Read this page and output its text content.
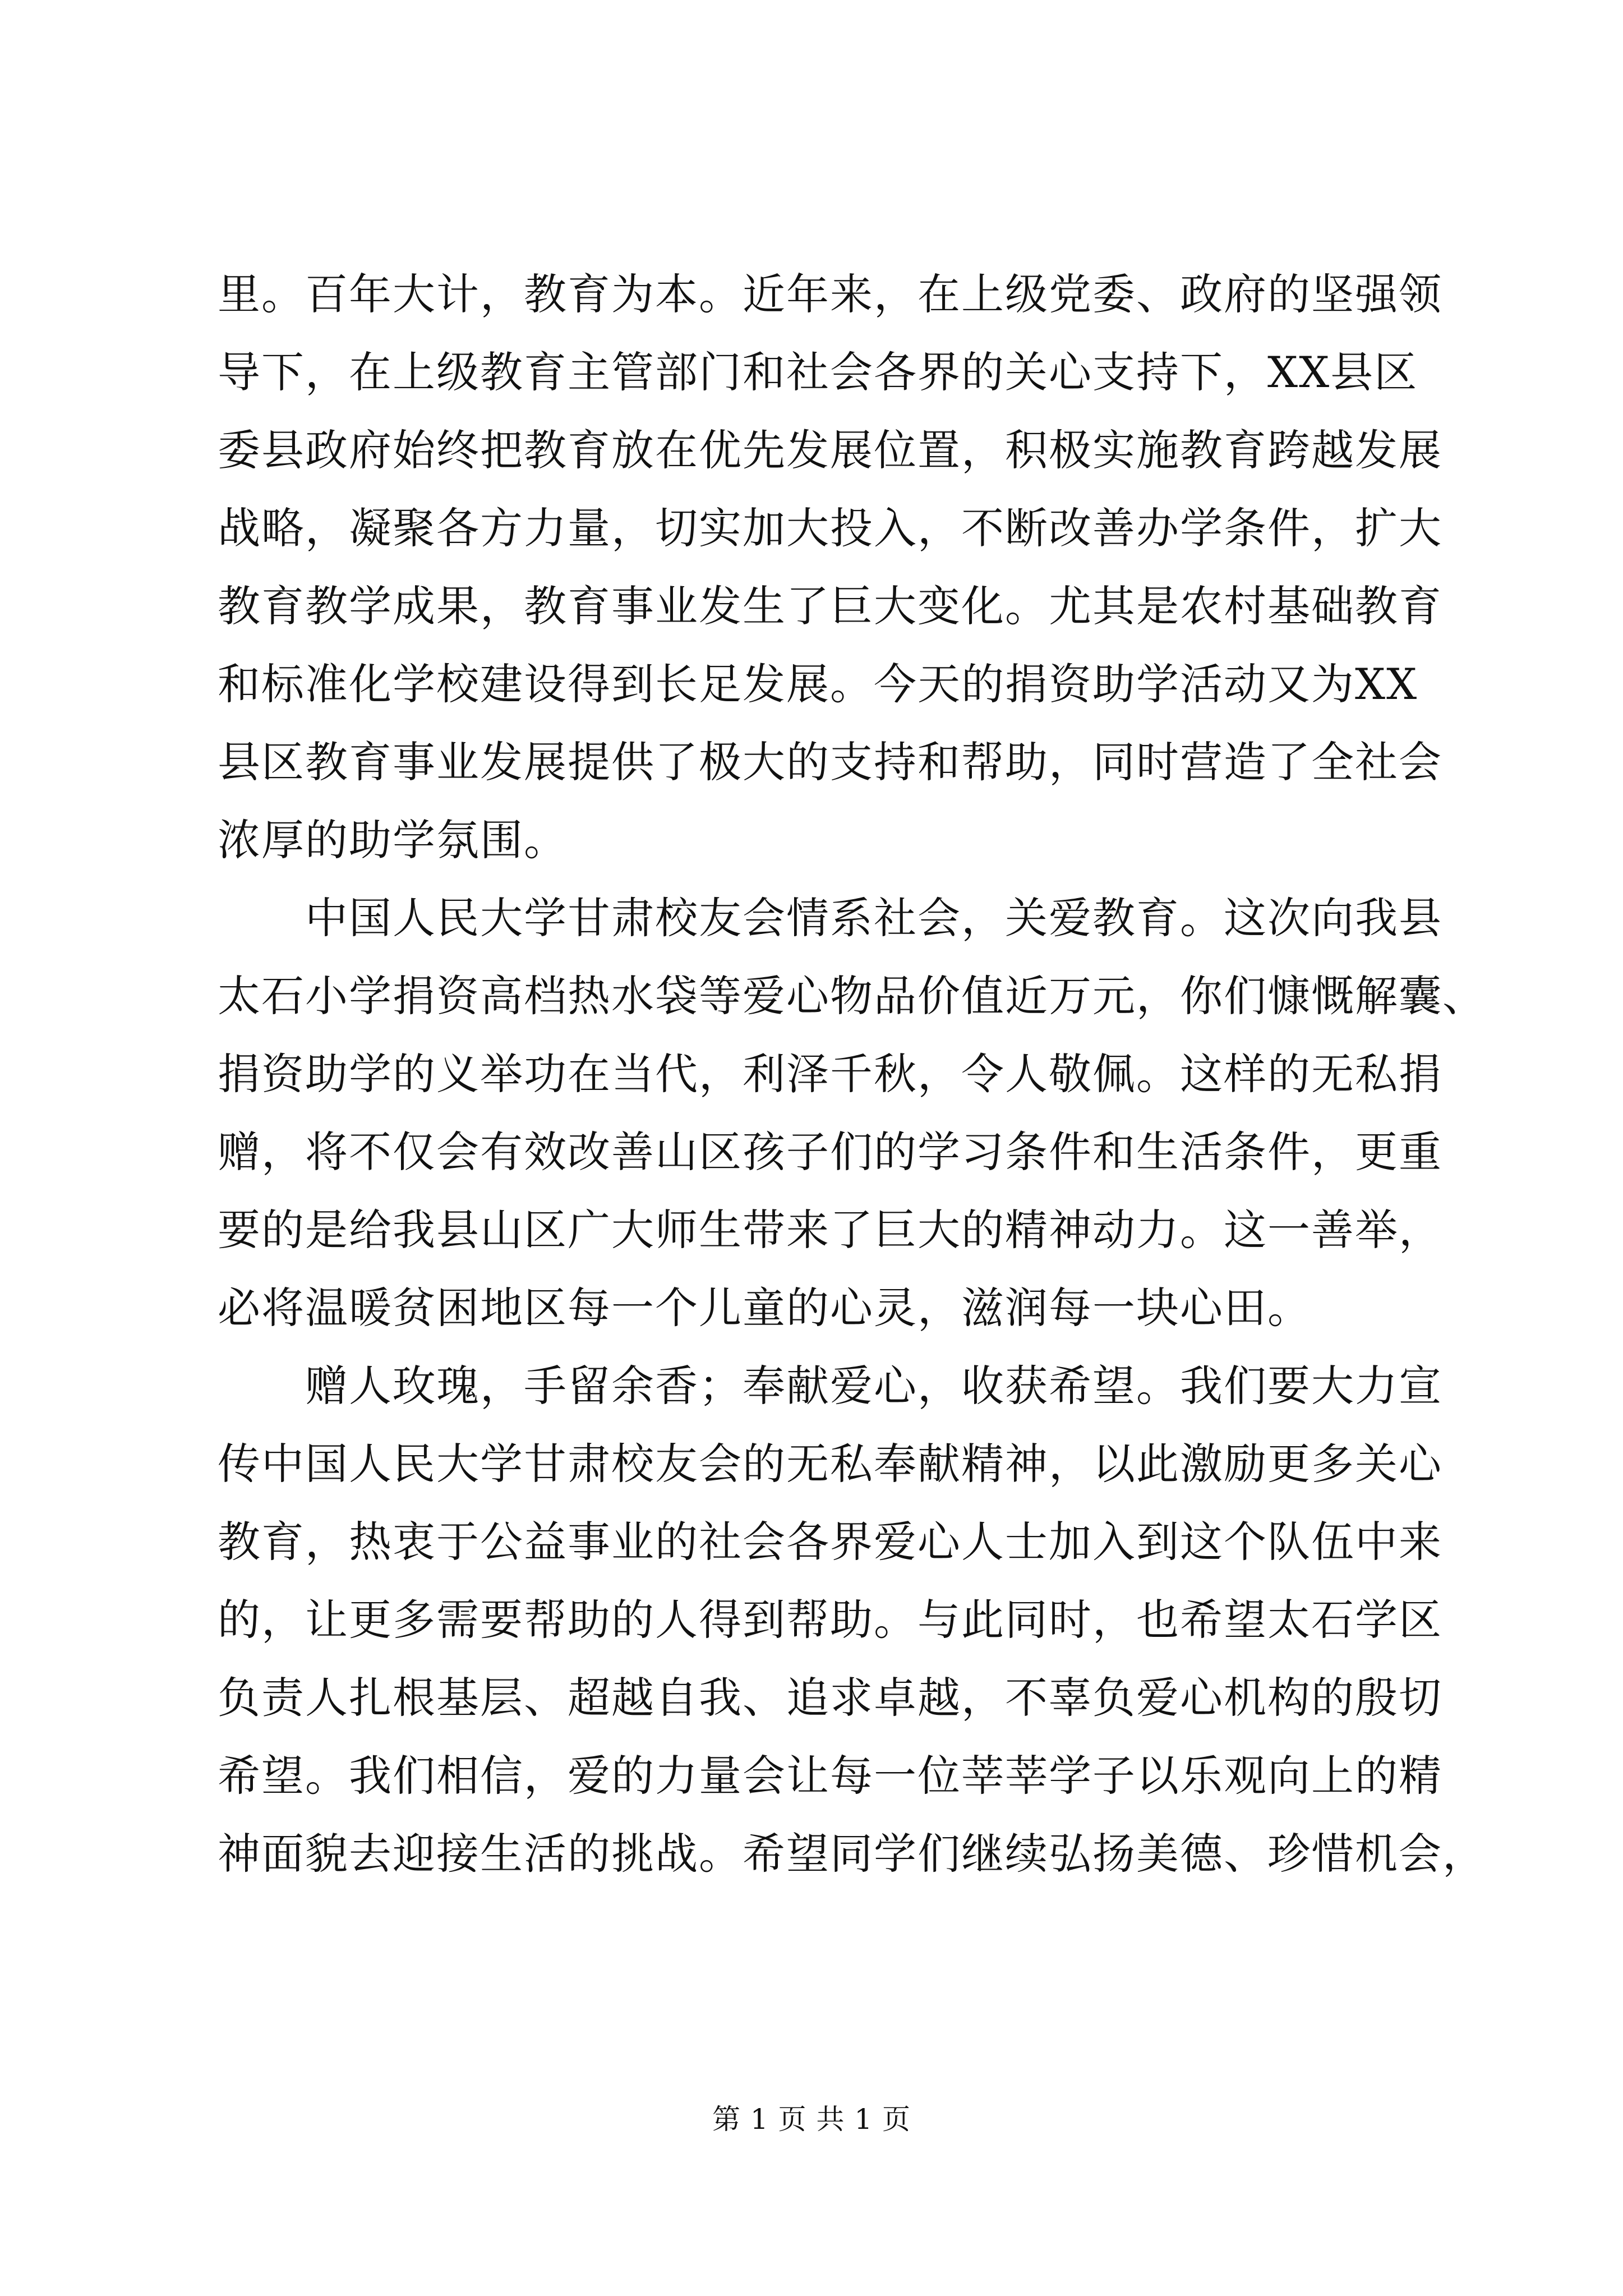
里。百年大计，教育为本。近年来，在上级党委、政府的坚强领
导下，在上级教育主管部门和社会各界的关心支持下，XX县区
委县政府始终把教育放在优先发展位置，积极实施教育跨越发展
战略，凝聚各方力量，切实加大投入，不断改善办学条件，扩大
教育教学成果，教育事业发生了巨大变化。尤其是农村基础教育
和标准化学校建设得到长足发展。今天的捐资助学活动又为XX
县区教育事业发展提供了极大的支持和帮助，同时营造了全社会
浓厚的助学氛围。

中国人民大学甘肃校友会情系社会，关爱教育。这次向我县
太石小学捐资高档热水袋等爱心物品价值近万元，你们慷慨解囊、
捐资助学的义举功在当代，利泽千秋，令人敬佩。这样的无私捐
赠，将不仅会有效改善山区孩子们的学习条件和生活条件，更重
要的是给我县山区广大师生带来了巨大的精神动力。这一善举，
必将温暖贫困地区每一个儿童的心灵，滋润每一块心田。

赠人玫瑰，手留余香；奉献爱心，收获希望。我们要大力宣
传中国人民大学甘肃校友会的无私奉献精神，以此激励更多关心
教育，热衷于公益事业的社会各界爱心人士加入到这个队伍中来
的，让更多需要帮助的人得到帮助。与此同时，也希望太石学区
负责人扎根基层、超越自我、追求卓越，不辜负爱心机构的殷切
希望。我们相信，爱的力量会让每一位莘莘学子以乐观向上的精
神面貌去迎接生活的挑战。希望同学们继续弘扬美德、珍惜机会，

第 1 页 共 1 页
